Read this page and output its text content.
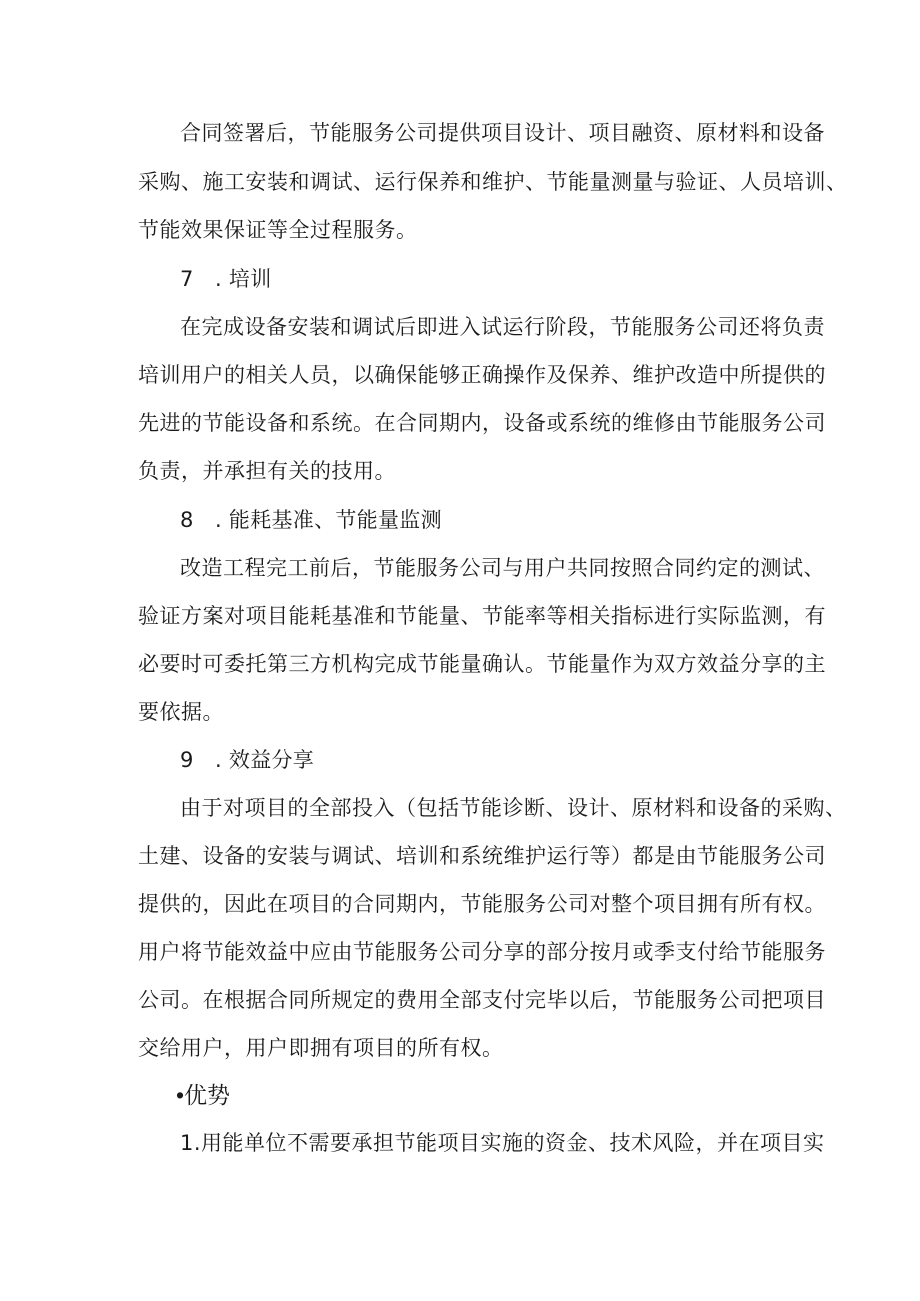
合同签署后，节能服务公司提供项目设计、项目融资、原材料和设备
采购、施工安装和调试、运行保养和维护、节能量测量与验证、人员培训、
节能效果保证等全过程服务。
7　. 培训
在完成设备安装和调试后即进入试运行阶段，节能服务公司还将负责
培训用户的相关人员，以确保能够正确操作及保养、维护改造中所提供的
先进的节能设备和系统。在合同期内，设备或系统的维修由节能服务公司
负责，并承担有关的技用。
8　. 能耗基准、节能量监测
改造工程完工前后，节能服务公司与用户共同按照合同约定的测试、
验证方案对项目能耗基准和节能量、节能率等相关指标进行实际监测，有
必要时可委托第三方机构完成节能量确认。节能量作为双方效益分享的主
要依据。
9　. 效益分享
由于对项目的全部投入（包括节能诊断、设计、原材料和设备的采购、
土建、设备的安装与调试、培训和系统维护运行等）都是由节能服务公司
提供的，因此在项目的合同期内，节能服务公司对整个项目拥有所有权。
用户将节能效益中应由节能服务公司分享的部分按月或季支付给节能服务
公司。在根据合同所规定的费用全部支付完毕以后，节能服务公司把项目
交给用户，用户即拥有项目的所有权。
•优势
1.用能单位不需要承担节能项目实施的资金、技术风险，并在项目实
